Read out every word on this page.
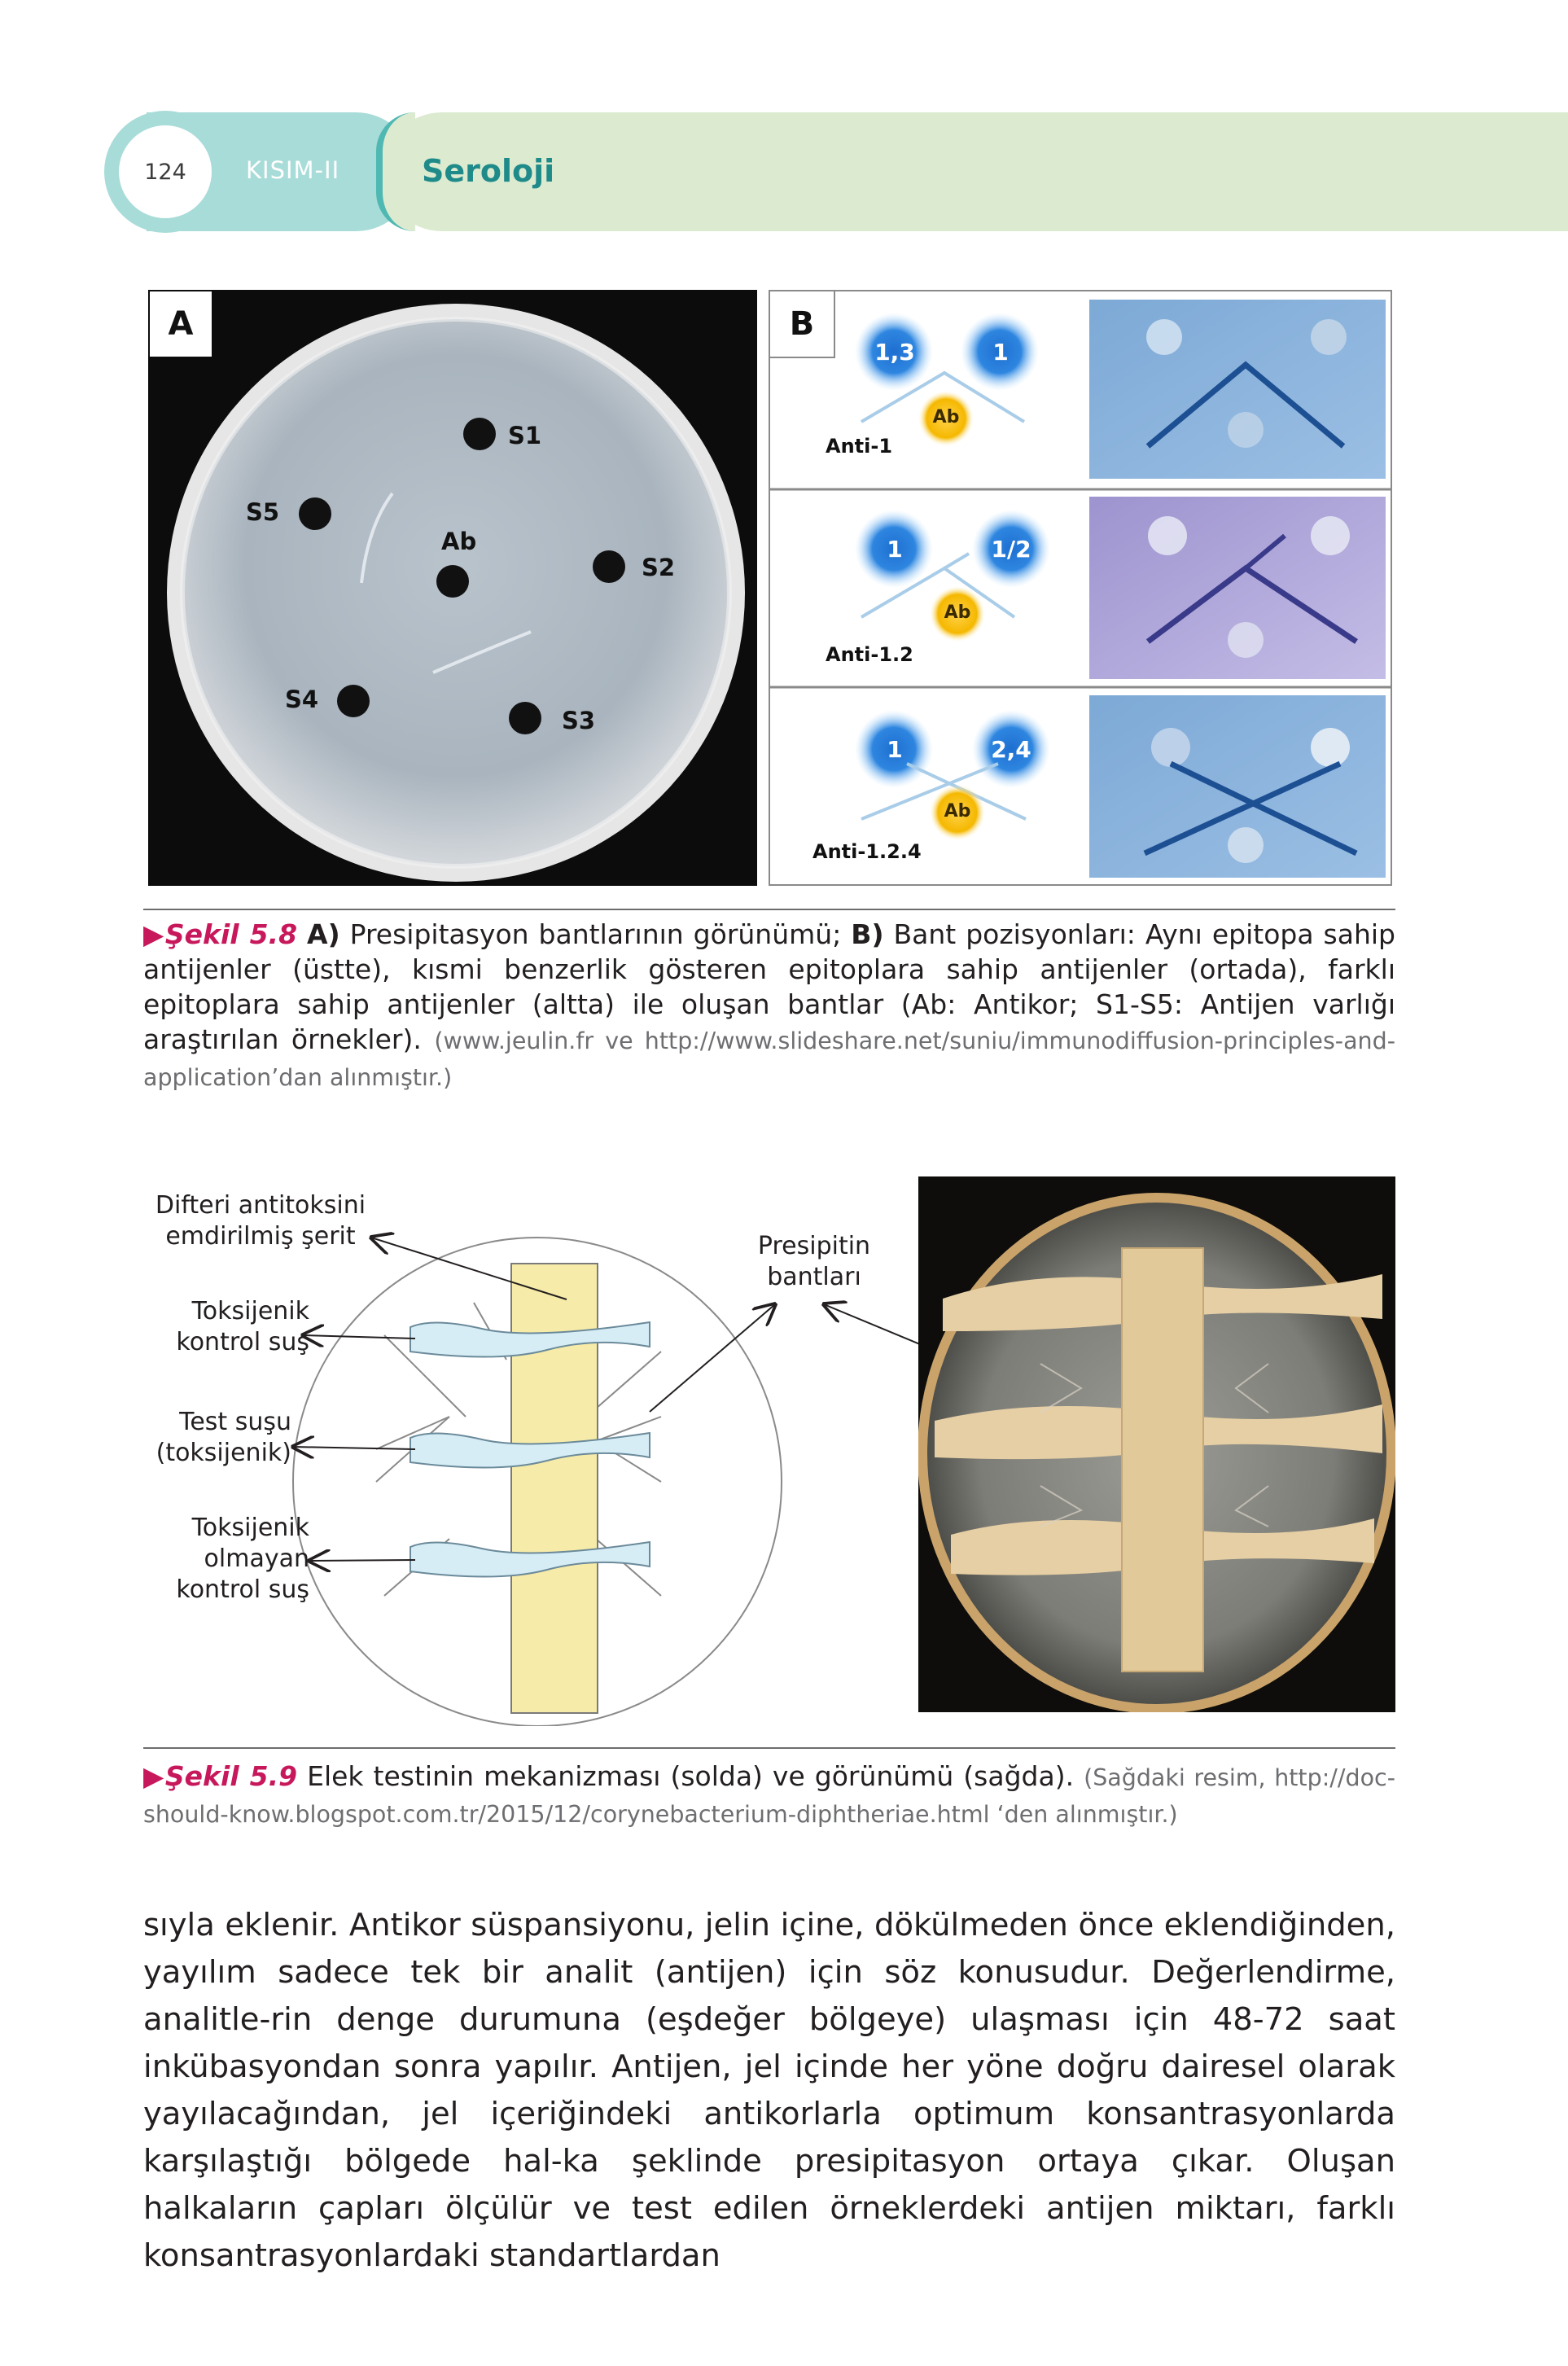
124	KISIM-II	Seroloji
A
S1
S2
S3
S4
S5
Ab
B
1,3	1
Ab
Anti-1
1	1/2
Ab
Anti-1.2
1	2,4
Ab
Anti-1.2.4
▶Şekil 5.8 A) Presipitasyon bantlarının görünümü; B) Bant pozisyonları: Aynı epitopa sahip antijenler (üstte), kısmi benzerlik gösteren epitoplara sahip antijenler (ortada), farklı epitoplara sahip antijenler (altta) ile oluşan bantlar (Ab: Antikor; S1-S5: Antijen varlığı araştırılan örnekler). (www.jeulin.fr ve http://www.slideshare.net/suniu/immunodiffusion-principles-and-application’dan alınmıştır.)
Difteri antitoksini
emdirilmiş şerit
Toksijenik
kontrol suş
Test suşu
(toksijenik)
Toksijenik
olmayan
kontrol suş
Presipitin
bantları
▶Şekil 5.9 Elek testinin mekanizması (solda) ve görünümü (sağda). (Sağdaki resim, http://doc-should-know.blogspot.com.tr/2015/12/corynebacterium-diphtheriae.html ‘den alınmıştır.)
sıyla eklenir. Antikor süspansiyonu, jelin içine, dökülmeden önce eklendiğinden, yayılım sadece tek bir analit (antijen) için söz konusudur. Değerlendirme, analitle-rin denge durumuna (eşdeğer bölgeye) ulaşması için 48-72 saat inkübasyondan sonra yapılır. Antijen, jel içinde her yöne doğru dairesel olarak yayılacağından, jel içeriğindeki antikorlarla optimum konsantrasyonlarda karşılaştığı bölgede hal-ka şeklinde presipitasyon ortaya çıkar. Oluşan halkaların çapları ölçülür ve test edilen örneklerdeki antijen miktarı, farklı konsantrasyonlardaki standartlardan
